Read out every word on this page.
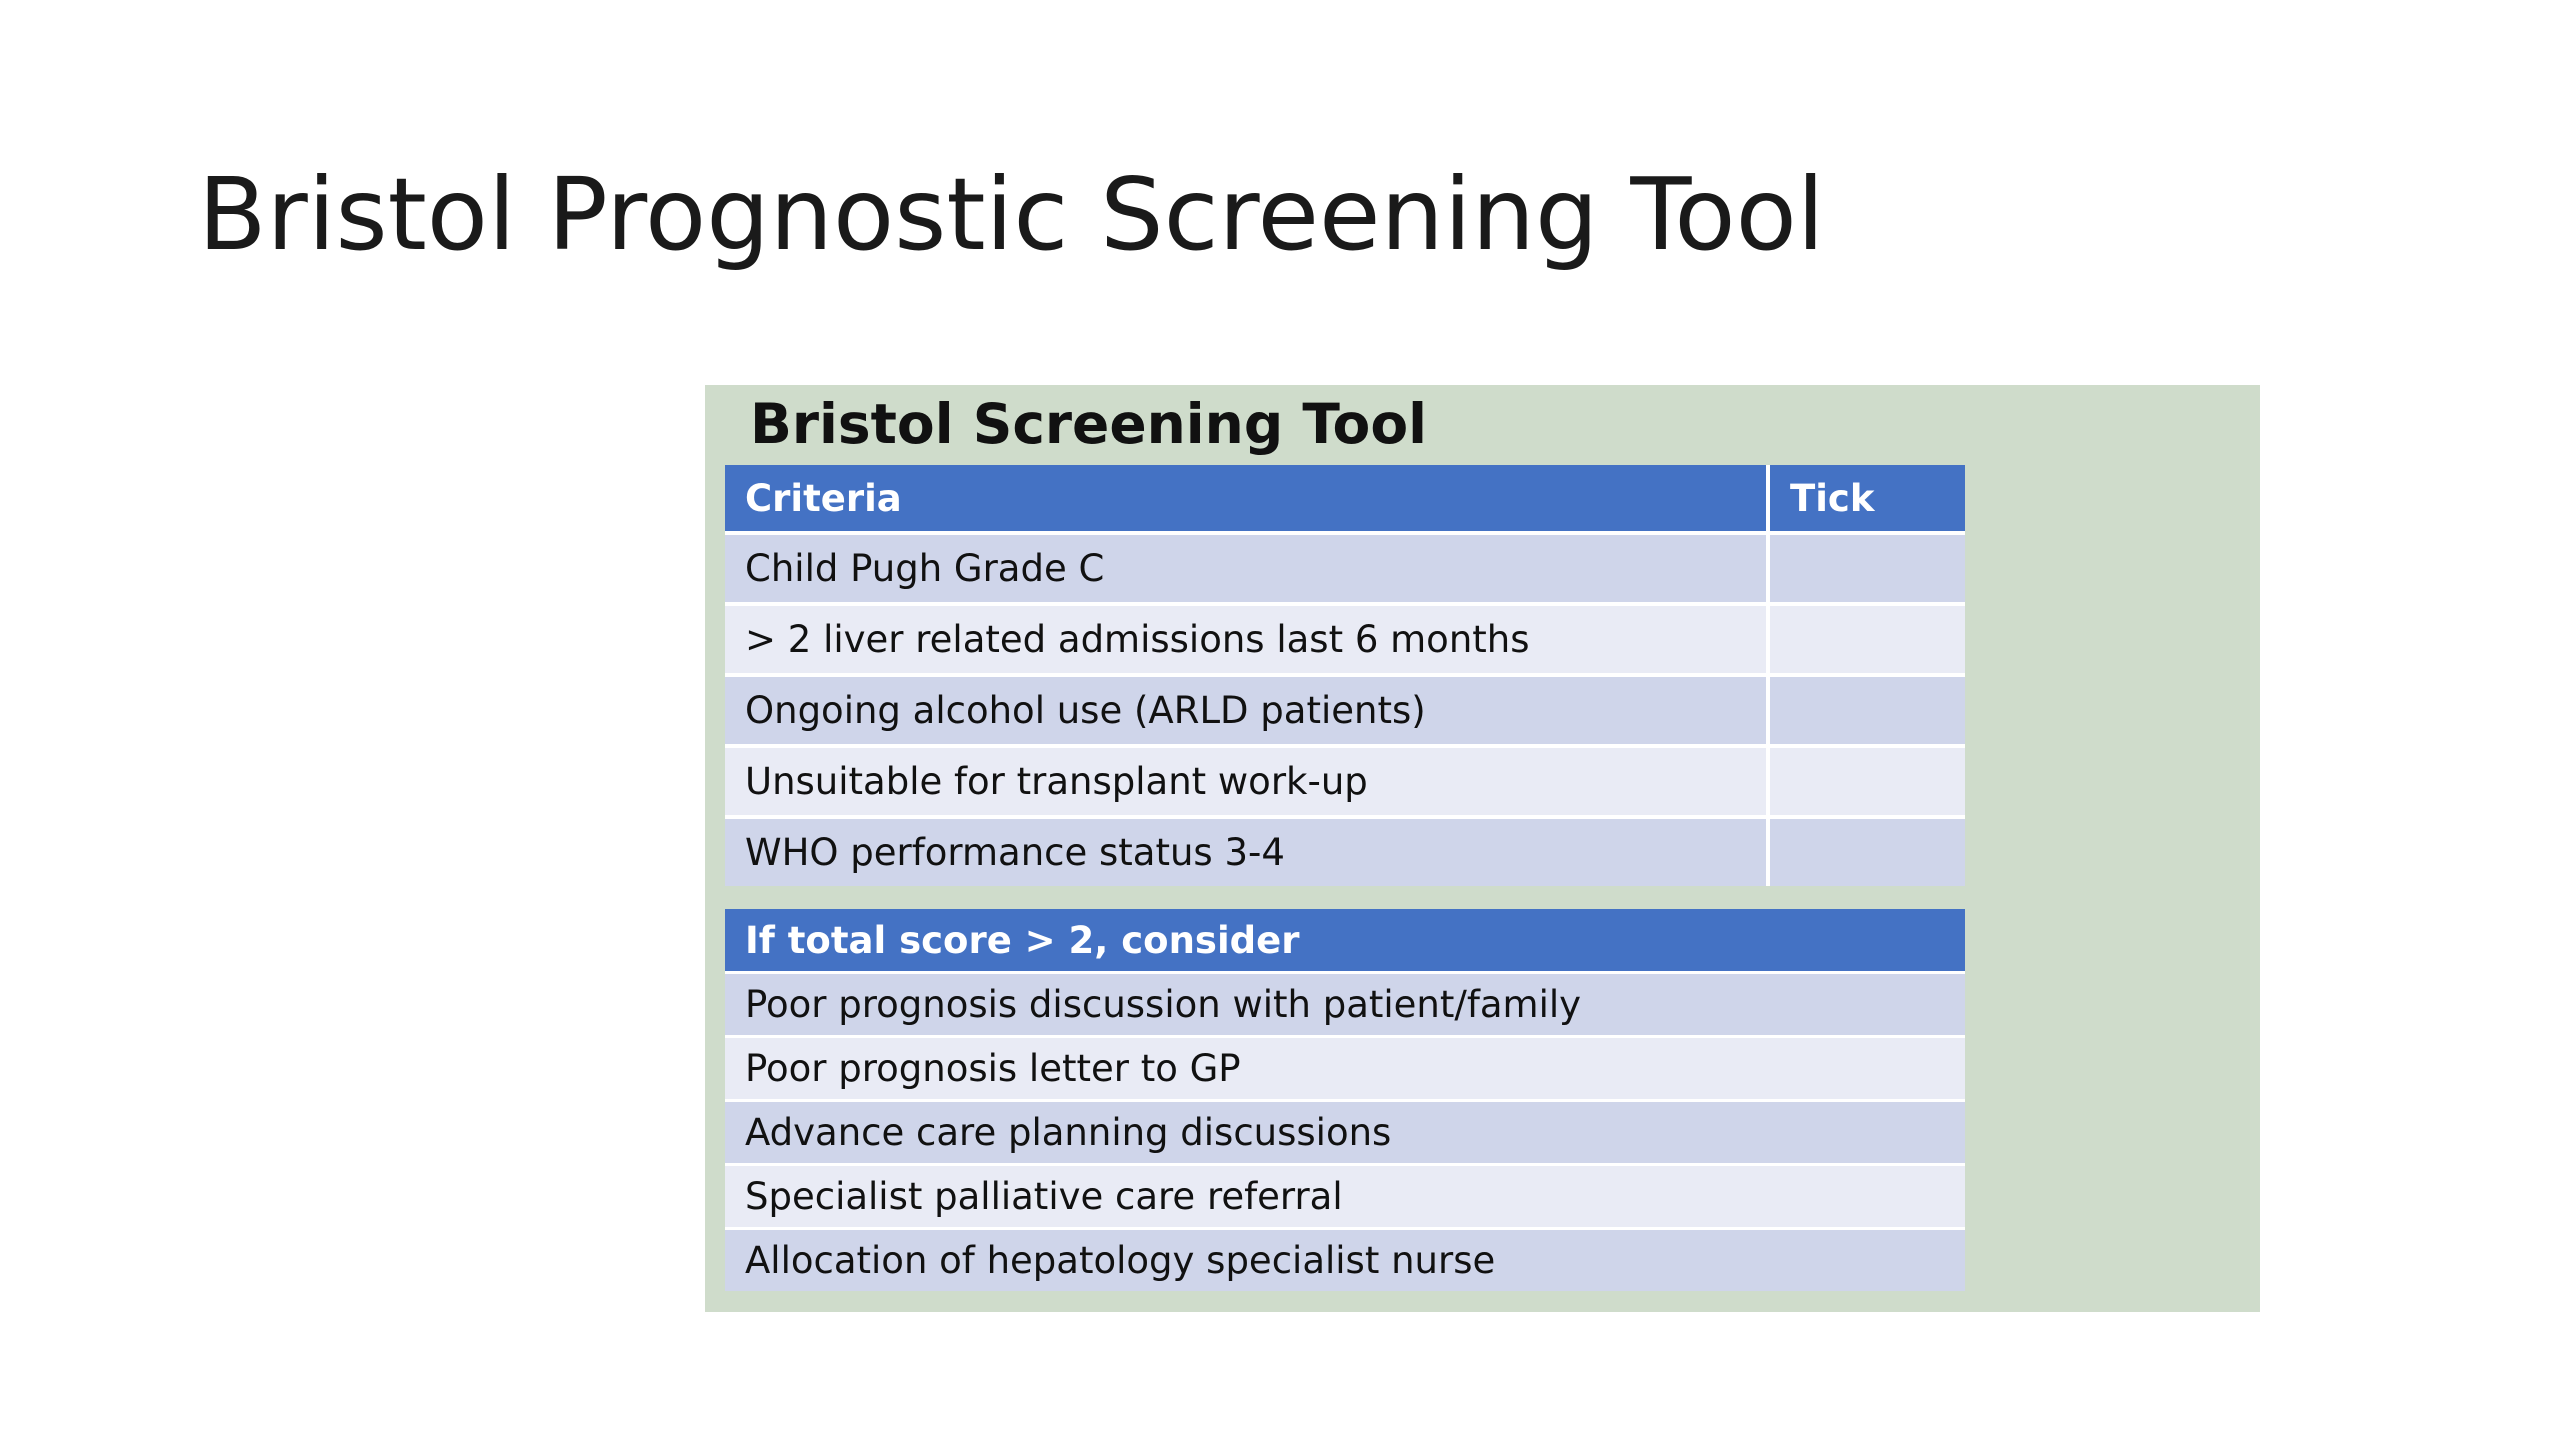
Bristol Prognostic Screening Tool
Bristol Screening Tool
Criteria	Tick
Child Pugh Grade C	
> 2 liver related admissions last 6 months	
Ongoing alcohol use (ARLD patients)	
Unsuitable for transplant work-up	
WHO performance status 3-4	
If total score > 2, consider
Poor prognosis discussion with patient/family
Poor prognosis letter to GP
Advance care planning discussions
Specialist palliative care referral
Allocation of hepatology specialist nurse
